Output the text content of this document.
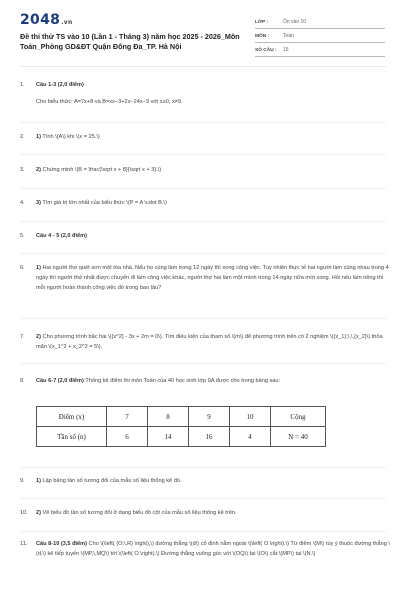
2048.vn
Đề thi thử TS vào 10 (Lần 1 - Tháng 3) năm học 2025 - 2026_Môn Toán_Phòng GD&ĐT Quận Đống Đa_TP. Hà Nội
LỚP :	Ôn vào 10
MÔN :	Toán
SỐ CÂU :	15
1. Câu 1-3 (2,0 điểm)
Cho biểu thức: A=7x+8 và B=xx−3+2x−24x−9 với x≥0, x≠9.
2. 1) Tính \(A\) khi \(x = 25.\)
3. 2) Chứng minh \(B = \frac{\sqrt x + 8}{\sqrt x + 3}.\)
4. 3) Tìm giá trị lớn nhất của biểu thức \(P = A \cdot B.\)
5. Câu 4 - 5 (2,0 điểm)
6. 1) Hai người thợ quét sơn một tòa nhà. Nếu họ cùng làm trong 12 ngày thì xong công việc. Tuy nhiên thực tế hai người làm cùng nhau trong 4 ngày thì người thứ nhất được chuyển đi làm công việc khác, người thợ hai làm một mình trong 14 ngày nữa mới xong. Hỏi nếu làm riêng thì mỗi người hoàn thành công việc đó trong bao lâu?
7. 2) Cho phương trình bậc hai \({x^2} - 3x + 2m = 0\). Tìm điều kiện của tham số \(m\) để phương trình trên có 2 nghiệm \({x_1};\,\,{x_2}\) thỏa mãn \(x_1^2 + x_2^2 = 5\).
8. Câu 6-7 (2,0 điểm) Thống kê điểm thi môn Toán của 40 học sinh lớp 9A được cho trong bảng sau:
Điểm (x)	7	8	9	10	Cộng
Tần số (n)	6	14	16	4	N = 40
9. 1) Lập bảng tần số tương đối của mẫu số liệu thống kê đó.
10. 2) Vẽ biểu đồ tần số tương đối ở dạng biểu đồ cột của mẫu số liệu thống kê trên.
11. Câu 8-10 (3,5 điểm) Cho \(\left( {O;\,R} \right),\) đường thẳng \(d\) cố định nằm ngoài \(\left( O \right).\) Từ điểm \(M\) tùy ý thuộc đường thẳng \(d,\) kẻ tiếp tuyến \(MP,\,MQ\) tới \(\left( O \right).\) Đường thẳng vuông góc với \(OQ\) tại \(O\) cắt \(MP\) tại \(N.\)
